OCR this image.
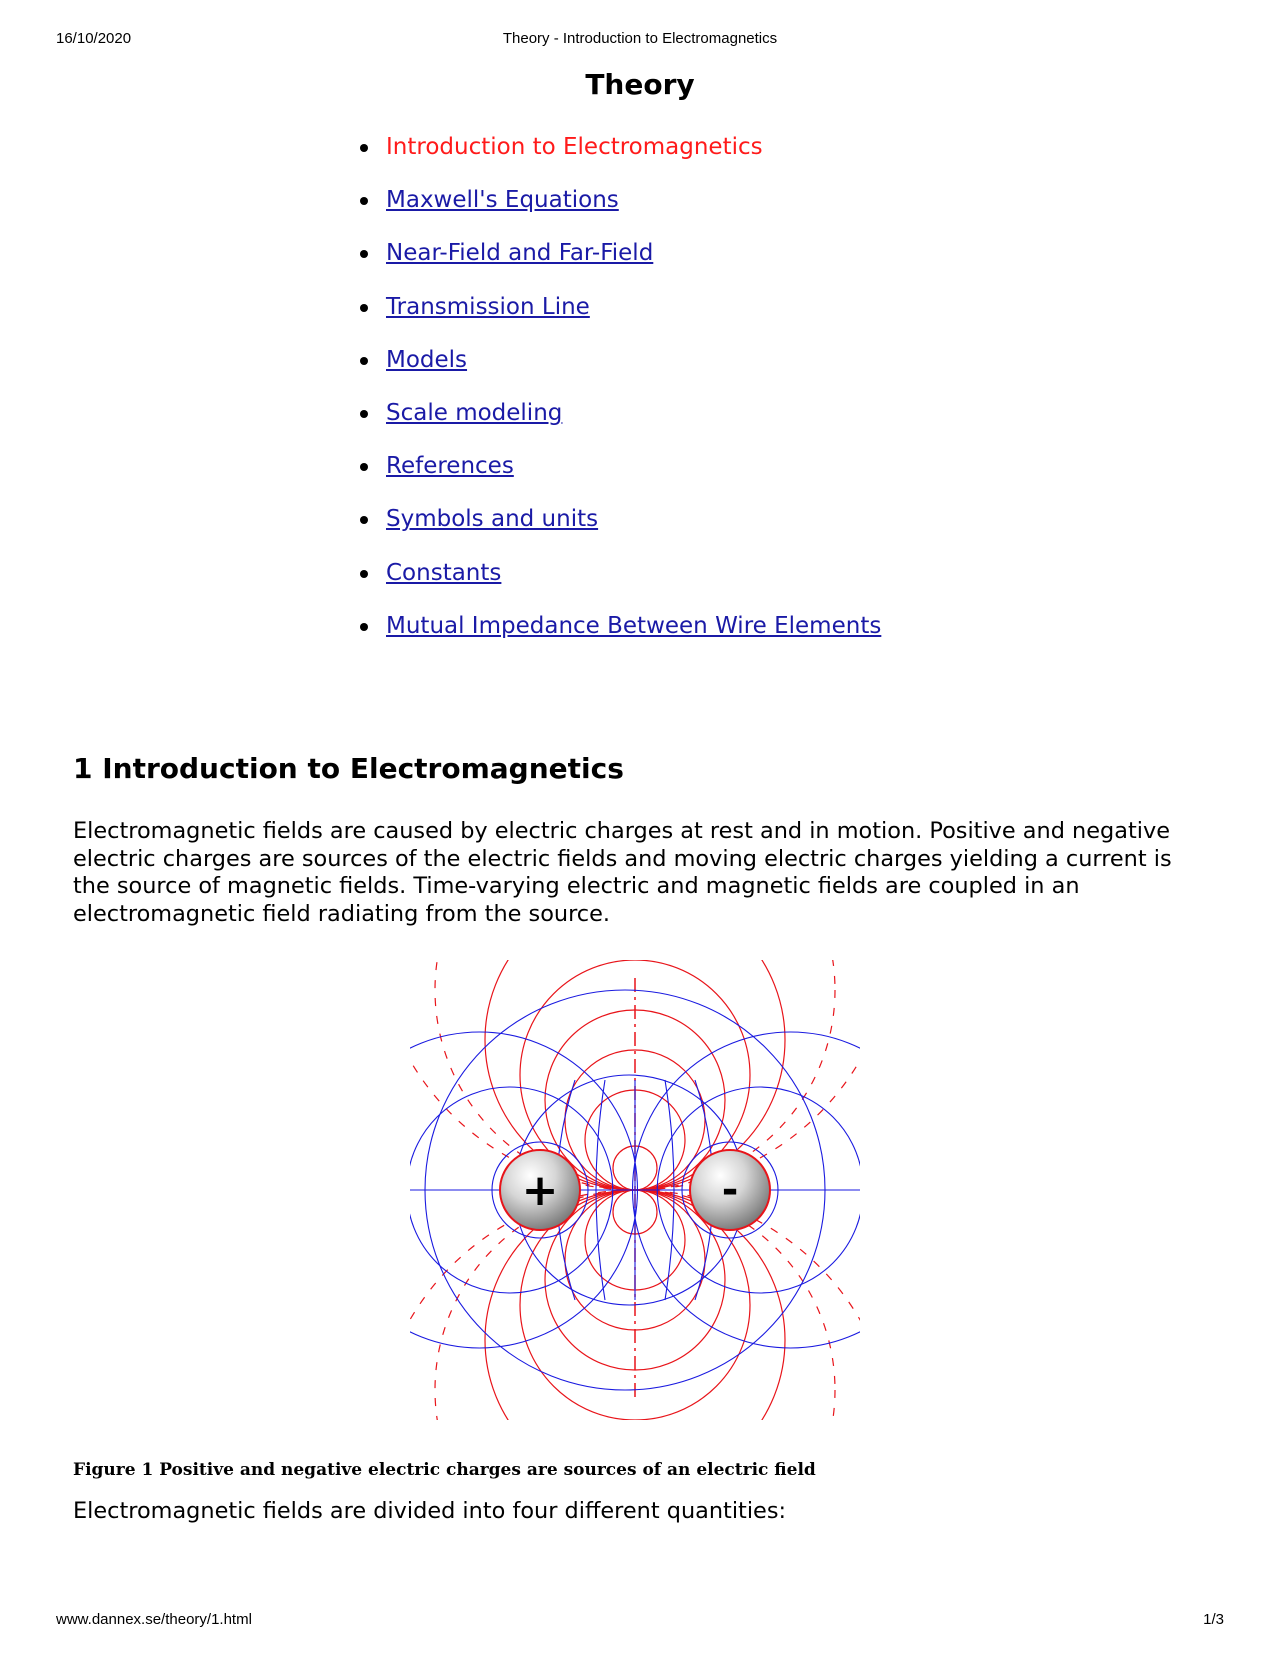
16/10/2020	Theory - Introduction to Electromagnetics
Theory
Introduction to Electromagnetics
Maxwell's Equations
Near-Field and Far-Field
Transmission Line
Models
Scale modeling
References
Symbols and units
Constants
Mutual Impedance Between Wire Elements
1 Introduction to Electromagnetics

Electromagnetic fields are caused by electric charges at rest and in motion. Positive and negative electric charges are sources of the electric fields and moving electric charges yielding a current is the source of magnetic fields. Time-varying electric and magnetic fields are coupled in an electromagnetic field radiating from the source.

+	-

Figure 1 Positive and negative electric charges are sources of an electric field

Electromagnetic fields are divided into four different quantities:

www.dannex.se/theory/1.html	1/3
